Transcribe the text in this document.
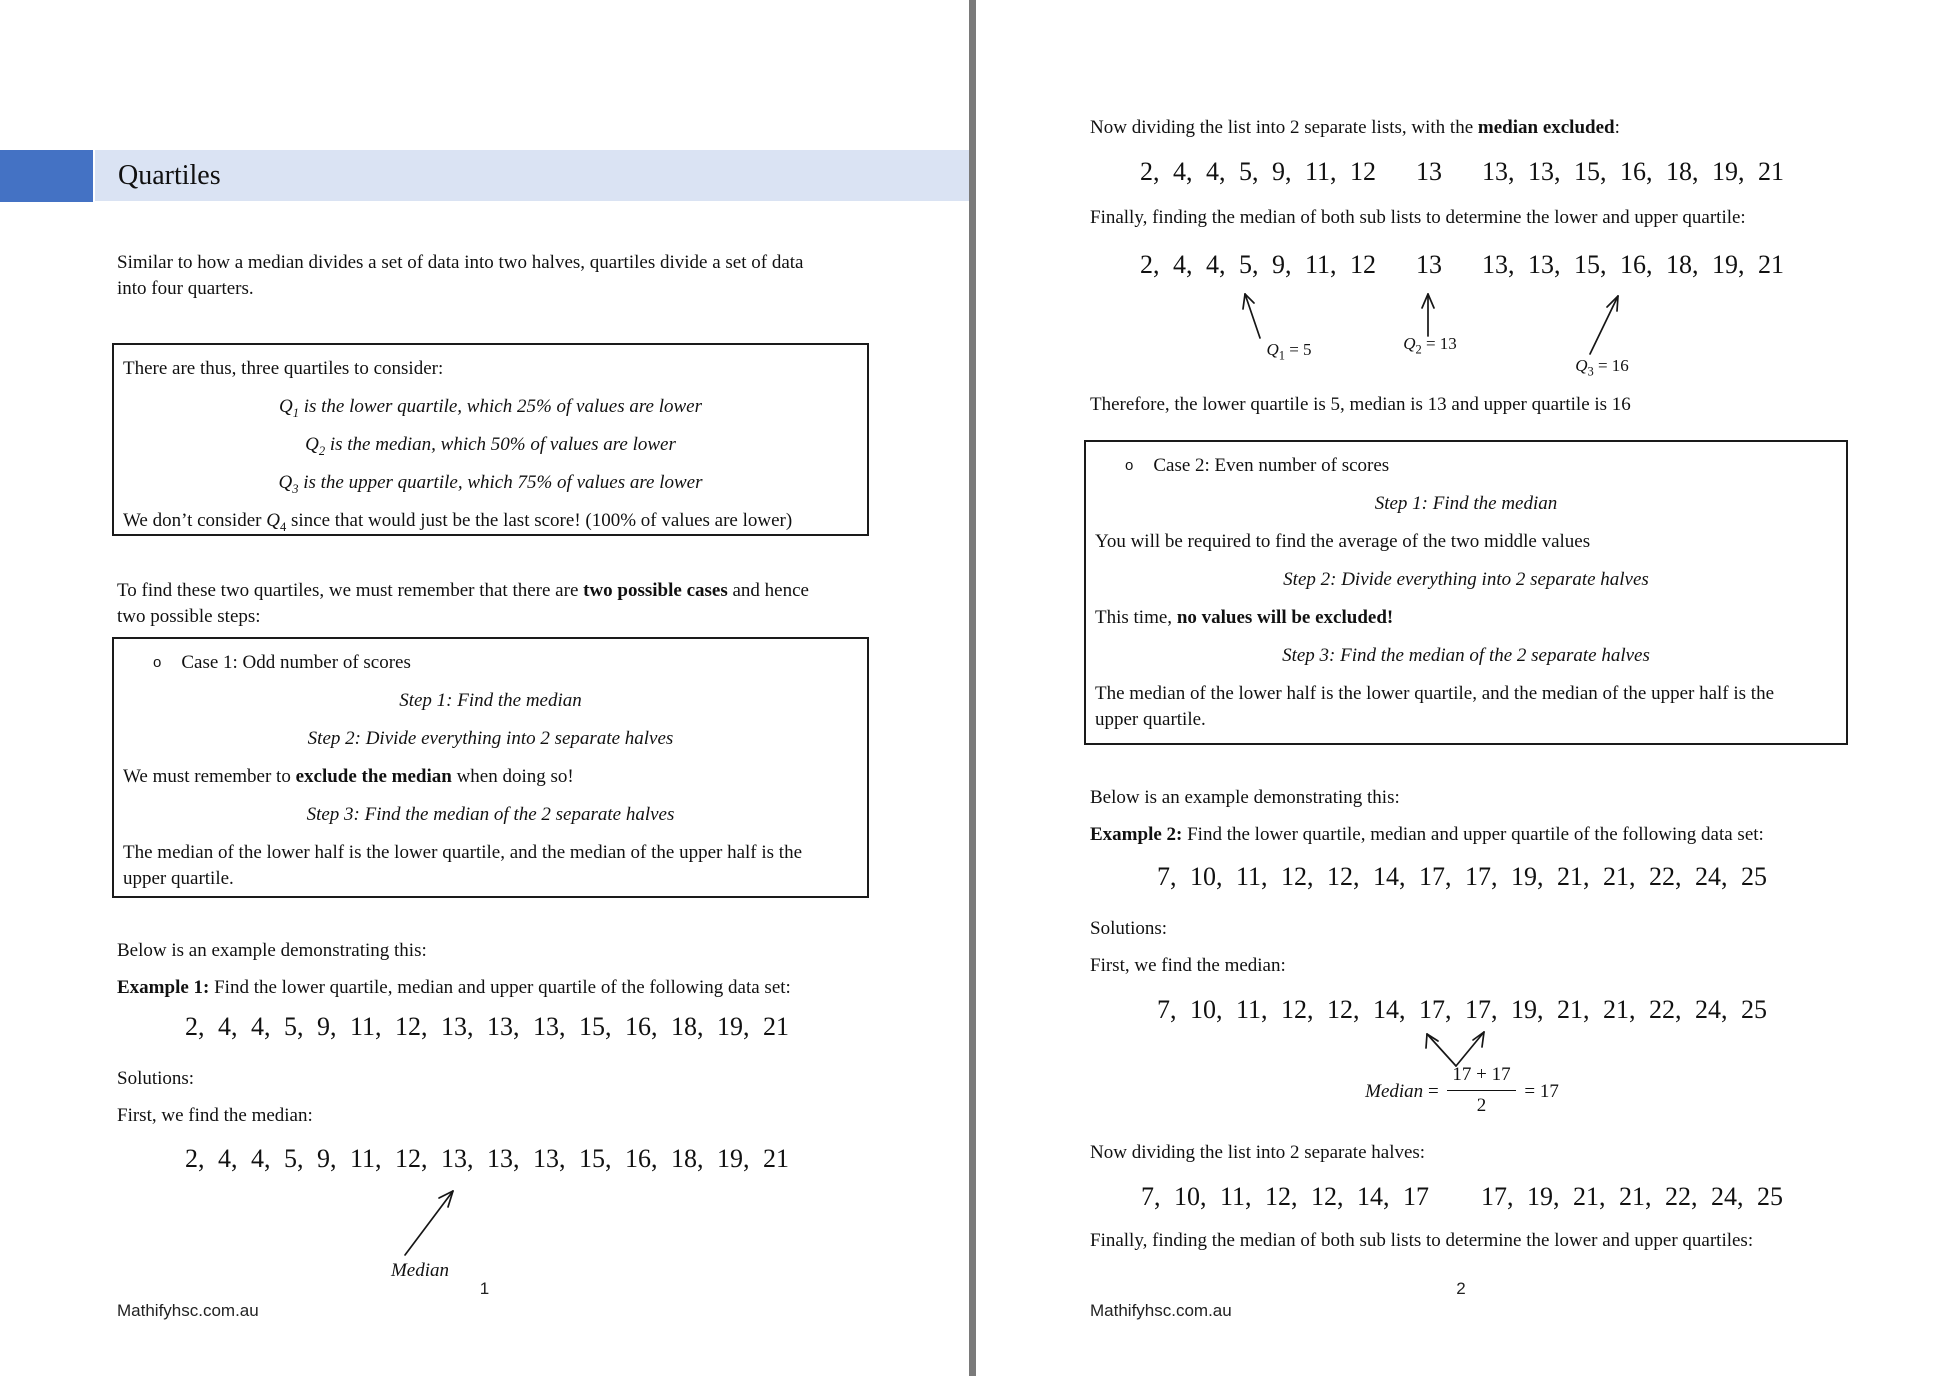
Quartiles
Similar to how a median divides a set of data into two halves, quartiles divide a set of data
into four quarters.
There are thus, three quartiles to consider:
$Q_1$ is the lower quartile, which 25% of values are lower
$Q_2$ is the median, which 50% of values are lower
$Q_3$ is the upper quartile, which 75% of values are lower
We don’t consider $Q_4$ since that would just be the last score! (100% of values are lower)
To find these two quartiles, we must remember that there are two possible cases and hence
two possible steps:
o Case 1: Odd number of scores
Step 1: Find the median
Step 2: Divide everything into 2 separate halves
We must remember to exclude the median when doing so!
Step 3: Find the median of the 2 separate halves
The median of the lower half is the lower quartile, and the median of the upper half is the
upper quartile.
Below is an example demonstrating this:
Example 1: Find the lower quartile, median and upper quartile of the following data set:
2, 4, 4, 5, 9, 11, 12, 13, 13, 13, 15, 16, 18, 19, 21
Solutions:
First, we find the median:
2, 4, 4, 5, 9, 11, 12, 13, 13, 13, 15, 16, 18, 19, 21
Median
1
Mathifyhsc.com.au
Now dividing the list into 2 separate lists, with the median excluded:
2, 4, 4, 5, 9, 11, 12 13 13, 13, 15, 16, 18, 19, 21
Finally, finding the median of both sub lists to determine the lower and upper quartile:
2, 4, 4, 5, 9, 11, 12 13 13, 13, 15, 16, 18, 19, 21
$Q_1 = 5$	$Q_2 = 13$
$Q_3 = 16$
Therefore, the lower quartile is 5, median is 13 and upper quartile is 16
o Case 2: Even number of scores
Step 1: Find the median
You will be required to find the average of the two middle values
Step 2: Divide everything into 2 separate halves
This time, no values will be excluded!
Step 3: Find the median of the 2 separate halves
The median of the lower half is the lower quartile, and the median of the upper half is the
upper quartile.
Below is an example demonstrating this:
Example 2: Find the lower quartile, median and upper quartile of the following data set:
7, 10, 11, 12, 12, 14, 17, 17, 19, 21, 21, 22, 24, 25
Solutions:
First, we find the median:
7, 10, 11, 12, 12, 14, 17, 17, 19, 21, 21, 22, 24, 25
Median = $\frac{17 + 17}{2} = 17$
Now dividing the list into 2 separate halves:
7, 10, 11, 12, 12, 14, 17 17, 19, 21, 21, 22, 24, 25
Finally, finding the median of both sub lists to determine the lower and upper quartiles:
2
Mathifyhsc.com.au
